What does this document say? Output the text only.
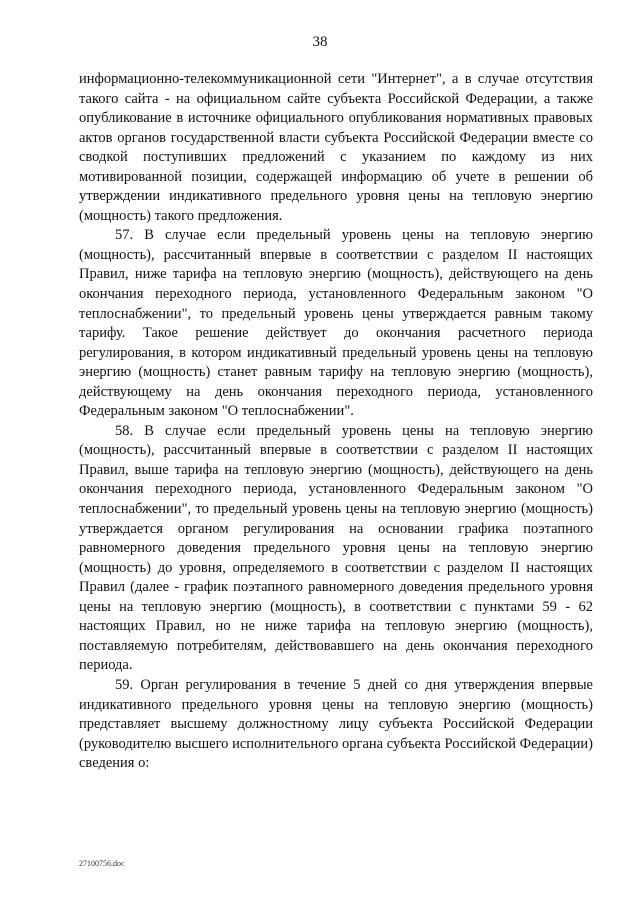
38

информационно-телекоммуникационной сети "Интернет", а в случае отсутствия такого сайта - на официальном сайте субъекта Российской Федерации, а также опубликование в источнике официального опубликования нормативных правовых актов органов государственной власти субъекта Российской Федерации вместе со сводкой поступивших предложений с указанием по каждому из них мотивированной позиции, содержащей информацию об учете в решении об утверждении индикативного предельного уровня цены на тепловую энергию (мощность) такого предложения.

57. В случае если предельный уровень цены на тепловую энергию (мощность), рассчитанный впервые в соответствии с разделом II настоящих Правил, ниже тарифа на тепловую энергию (мощность), действующего на день окончания переходного периода, установленного Федеральным законом "О теплоснабжении", то предельный уровень цены утверждается равным такому тарифу. Такое решение действует до окончания расчетного периода регулирования, в котором индикативный предельный уровень цены на тепловую энергию (мощность) станет равным тарифу на тепловую энергию (мощность), действующему на день окончания переходного периода, установленного Федеральным законом "О теплоснабжении".

58. В случае если предельный уровень цены на тепловую энергию (мощность), рассчитанный впервые в соответствии с разделом II настоящих Правил, выше тарифа на тепловую энергию (мощность), действующего на день окончания переходного периода, установленного Федеральным законом "О теплоснабжении", то предельный уровень цены на тепловую энергию (мощность) утверждается органом регулирования на основании графика поэтапного равномерного доведения предельного уровня цены на тепловую энергию (мощность) до уровня, определяемого в соответствии с разделом II настоящих Правил (далее - график поэтапного равномерного доведения предельного уровня цены на тепловую энергию (мощность), в соответствии с пунктами 59 - 62 настоящих Правил, но не ниже тарифа на тепловую энергию (мощность), поставляемую потребителям, действовавшего на день окончания переходного периода.

59. Орган регулирования в течение 5 дней со дня утверждения впервые индикативного предельного уровня цены на тепловую энергию (мощность) представляет высшему должностному лицу субъекта Российской Федерации (руководителю высшего исполнительного органа субъекта Российской Федерации) сведения о:

27100756.doc
